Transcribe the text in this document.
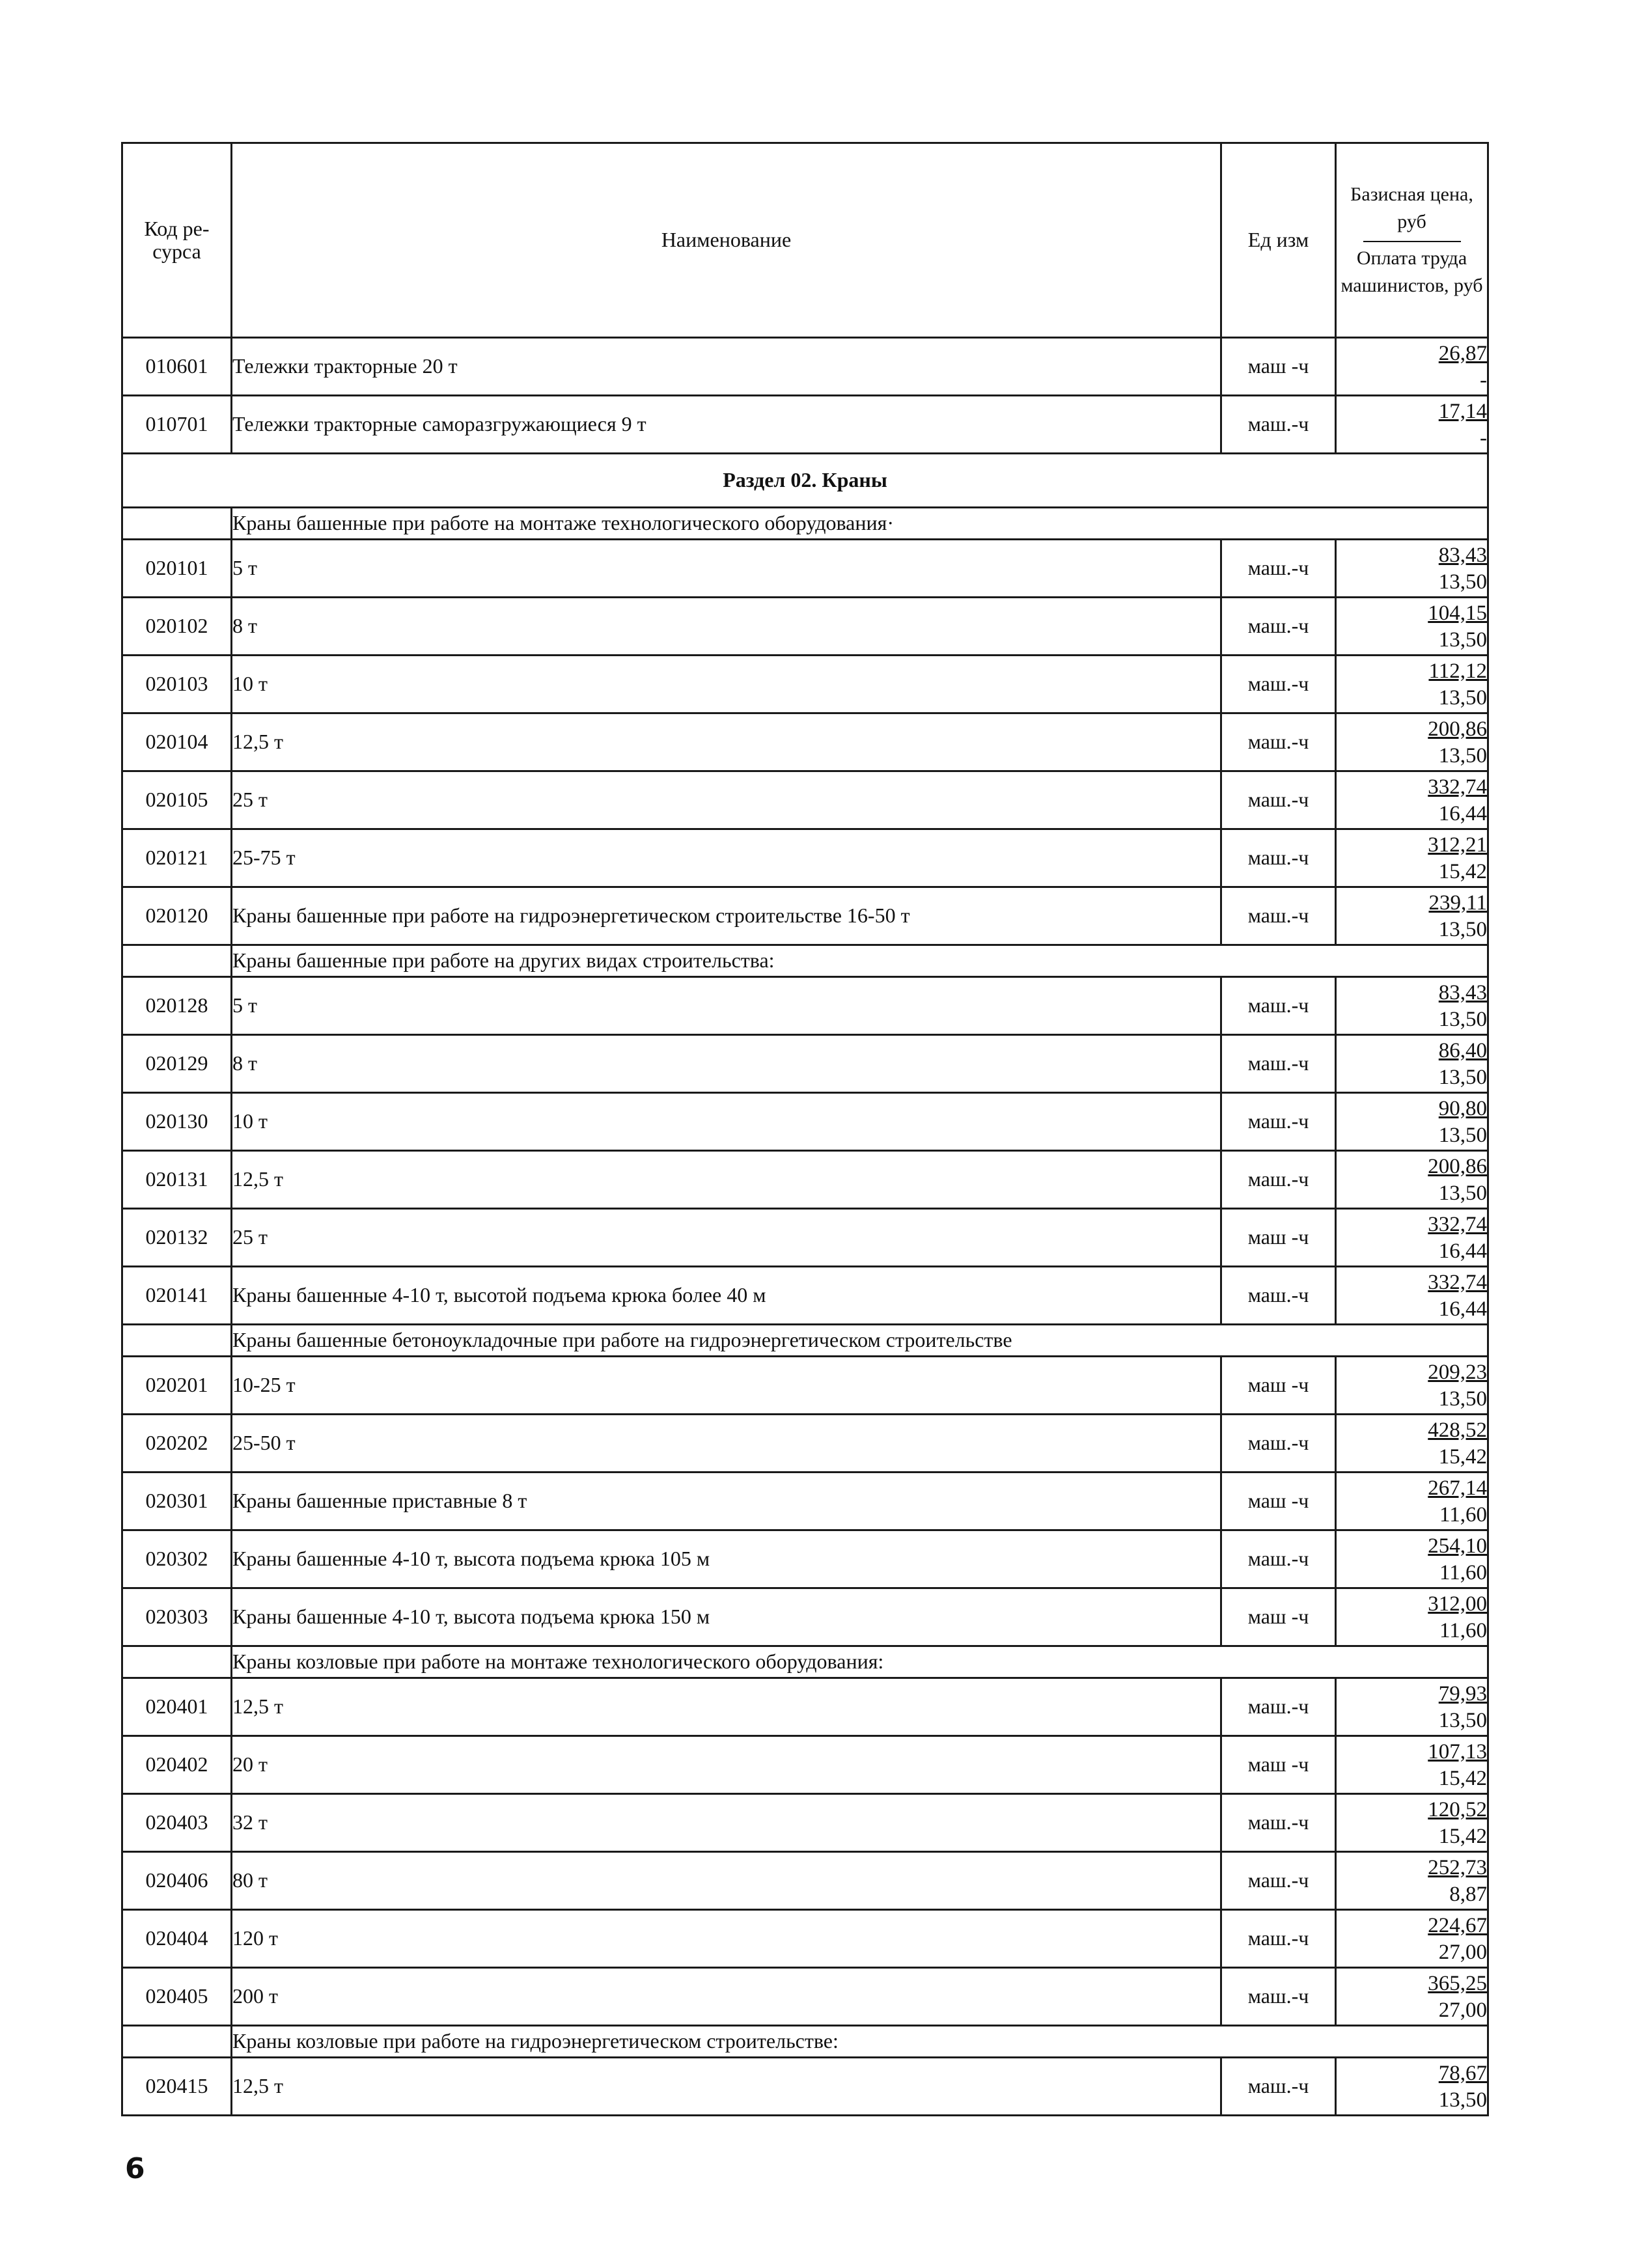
Код ре-сурса	Наименование	Ед изм	Базисная цена, руб
Оплата труда машинистов, руб

010601	Тележки тракторные 20 т	маш -ч	26,87
-

010701	Тележки тракторные саморазгружающиеся 9 т	маш.-ч	17,14
-

Раздел 02. Краны			
	Краны башенные при работе на монтаже технологического оборудования·		
020101	5 т	маш.-ч	83,43
13,50

020102	8 т	маш.-ч	104,15
13,50

020103	10 т	маш.-ч	112,12
13,50

020104	12,5 т	маш.-ч	200,86
13,50

020105	25 т	маш.-ч	332,74
16,44

020121	25-75 т	маш.-ч	312,21
15,42

020120	Краны башенные при работе на гидроэнергетическом строительстве 16-50 т	маш.-ч	239,11
13,50

	Краны башенные при работе на других видах строительства:		
020128	5 т	маш.-ч	83,43
13,50

020129	8 т	маш.-ч	86,40
13,50

020130	10 т	маш.-ч	90,80
13,50

020131	12,5 т	маш.-ч	200,86
13,50

020132	25 т	маш -ч	332,74
16,44

020141	Краны башенные 4-10 т, высотой подъема крюка более 40 м	маш.-ч	332,74
16,44

	Краны башенные бетоноукладочные при работе на гидроэнергетическом строительстве		
020201	10-25 т	маш -ч	209,23
13,50

020202	25-50 т	маш.-ч	428,52
15,42

020301	Краны башенные приставные 8 т	маш -ч	267,14
11,60

020302	Краны башенные 4-10 т, высота подъема крюка 105 м	маш.-ч	254,10
11,60

020303	Краны башенные 4-10 т, высота подъема крюка 150 м	маш -ч	312,00
11,60

	Краны козловые при работе на монтаже технологического оборудования:		
020401	12,5 т	маш.-ч	79,93
13,50

020402	20 т	маш -ч	107,13
15,42

020403	32 т	маш.-ч	120,52
15,42

020406	80 т	маш.-ч	252,73
8,87

020404	120 т	маш.-ч	224,67
27,00

020405	200 т	маш.-ч	365,25
27,00

	Краны козловые при работе на гидроэнергетическом строительстве:		
020415	12,5 т	маш.-ч	78,67
13,50
6
